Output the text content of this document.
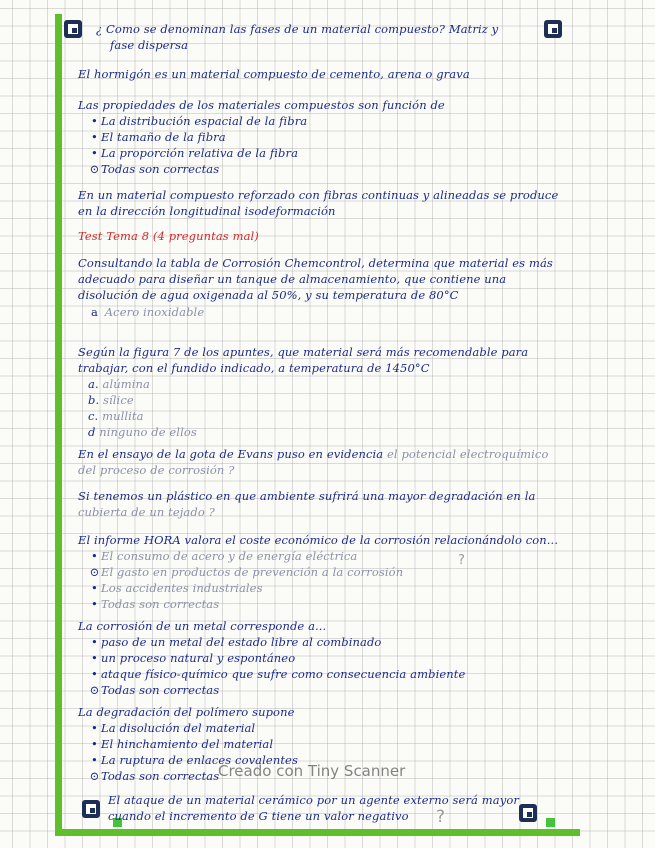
¿ Como se denominan las fases de un material compuesto? Matriz y
fase dispersa
El hormigón es un material compuesto de cemento, arena o grava
Las propiedades de los materiales compuestos son función de
• La distribución espacial de la fibra
• El tamaño de la fibra
• La proporción relativa de la fibra
⊙ Todas son correctas
En un material compuesto reforzado con fibras continuas y alineadas se produce
en la dirección longitudinal isodeformación
Test Tema 8 (4 preguntas mal)
Consultando la tabla de Corrosión Chemcontrol, determina que material es más
adecuado para diseñar un tanque de almacenamiento, que contiene una
disolución de agua oxigenada al 50%, y su temperatura de 80°C
a Acero inoxidable
Según la figura 7 de los apuntes, que material será más recomendable para
trabajar, con el fundido indicado, a temperatura de 1450°C
a. alúmina
b. sílice
c. mullita
d ninguno de ellos
En el ensayo de la gota de Evans puso en evidencia el potencial electroquímico
del proceso de corrosión ?
Si tenemos un plástico en que ambiente sufrirá una mayor degradación en la
cubierta de un tejado ?
El informe HORA valora el coste económico de la corrosión relacionándolo con...
• El consumo de acero y de energía eléctrica
⊙ El gasto en productos de prevención a la corrosión
• Los accidentes industriales
• Todas son correctas
La corrosión de un metal corresponde a...
• paso de un metal del estado libre al combinado
• un proceso natural y espontáneo
• ataque físico-químico que sufre como consecuencia ambiente
⊙ Todas son correctas
La degradación del polímero supone
• La disolución del material
• El hinchamiento del material
• La ruptura de enlaces covalentes
⊙ Todas son correctas
El ataque de un material cerámico por un agente externo será mayor
cuando el incremento de G tiene un valor negativo
?
?
Creado con Tiny Scanner
